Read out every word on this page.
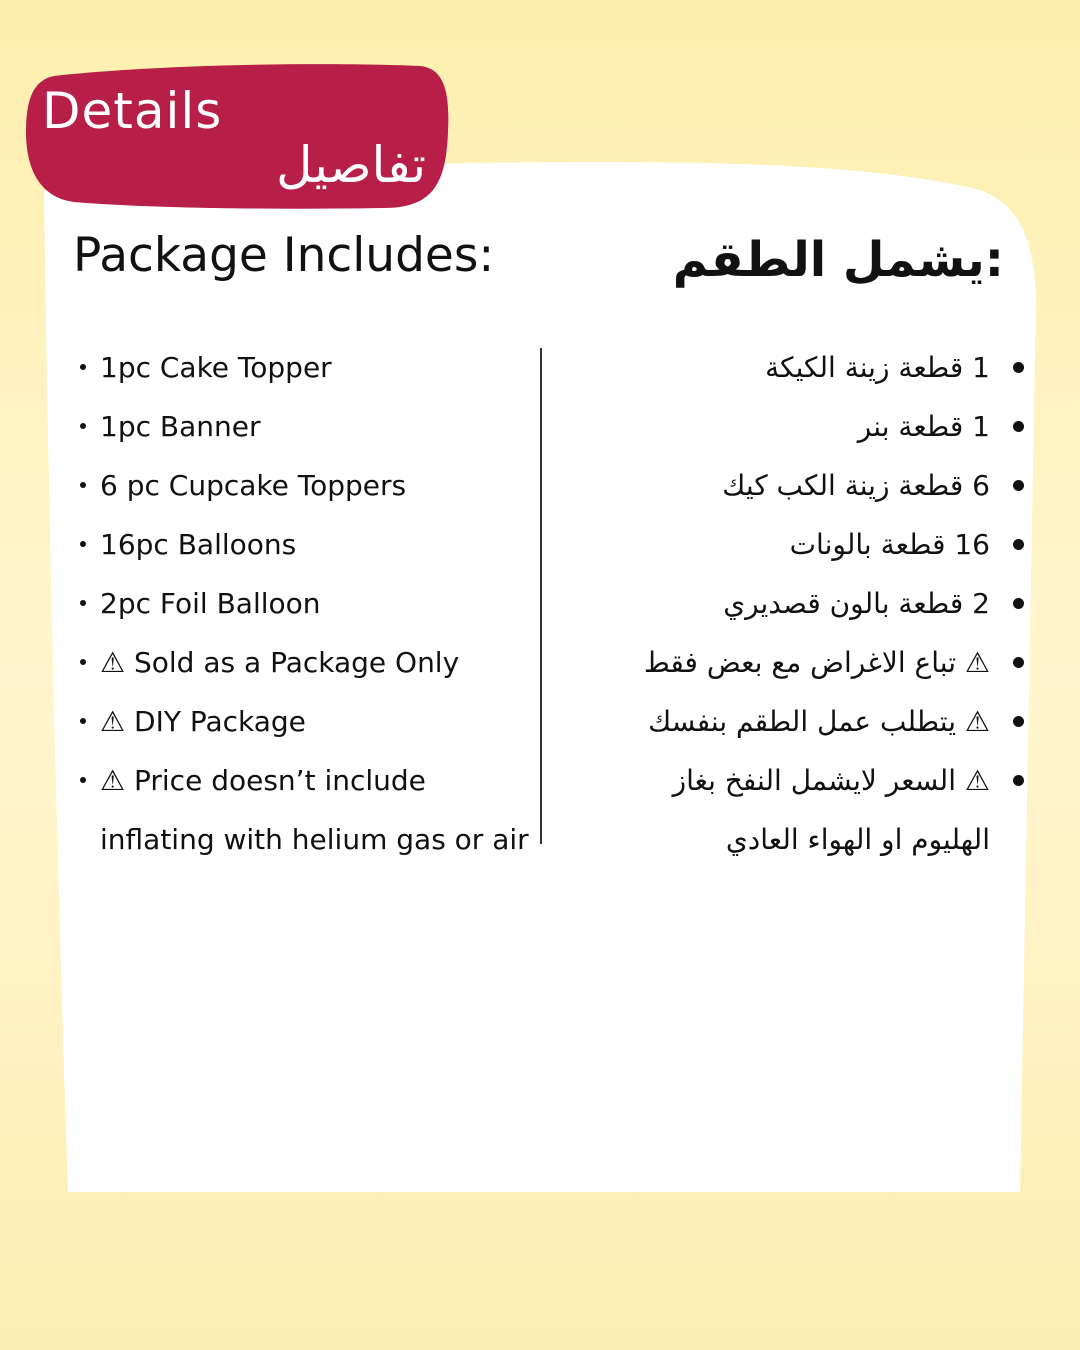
Details
تفاصيل
Package Includes:	:يشمل الطقم
1pc Cake Topper
1pc Banner
6 pc Cupcake Toppers
16pc Balloons
2pc Foil Balloon
⚠ Sold as a Package Only
⚠ DIY Package
⚠ Price doesn’t include
inflating with helium gas or air
1 قطعة زينة الكيكة
1 قطعة بنر
6 قطعة زينة الكب كيك
16 قطعة بالونات
2 قطعة بالون قصديري
⚠ تباع الاغراض مع بعض فقط
⚠ يتطلب عمل الطقم بنفسك
⚠ السعر لايشمل النفخ بغاز
الهليوم او الهواء العادي
